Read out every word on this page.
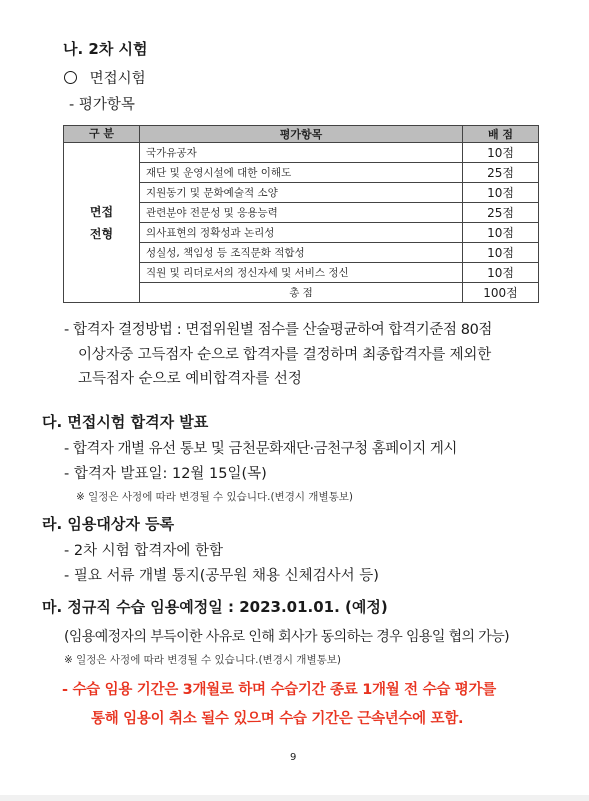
나. 2차 시험
면접시험
- 평가항목
구 분	평가항목	배 점
면접
전형	국가유공자	10점
	재단 및 운영시설에 대한 이해도	25점
	지원동기 및 문화예술적 소양	10점
	관련분야 전문성 및 응용능력	25점
	의사표현의 정확성과 논리성	10점
	성실성, 책임성 등 조직문화 적합성	10점
	직원 및 리더로서의 정신자세 및 서비스 정신	10점
	총 점	100점
- 합격자 결정방법 : 면접위원별 점수를 산술평균하여 합격기준점 80점
이상자중 고득점자 순으로 합격자를 결정하며 최종합격자를 제외한
고득점자 순으로 예비합격자를 선정
다. 면접시험 합격자 발표
- 합격자 개별 유선 통보 및 금천문화재단·금천구청 홈페이지 게시
- 합격자 발표일: 12월 15일(목)
※ 일정은 사정에 따라 변경될 수 있습니다.(변경시 개별통보)
라. 임용대상자 등록
- 2차 시험 합격자에 한함
- 필요 서류 개별 통지(공무원 채용 신체검사서 등)
마. 정규직 수습 임용예정일 : 2023.01.01. (예정)
(임용예정자의 부득이한 사유로 인해 회사가 동의하는 경우 임용일 협의 가능)
※ 일정은 사정에 따라 변경될 수 있습니다.(변경시 개별통보)
- 수습 임용 기간은 3개월로 하며 수습기간 종료 1개월 전 수습 평가를
통해 임용이 취소 될수 있으며 수습 기간은 근속년수에 포함.
9
